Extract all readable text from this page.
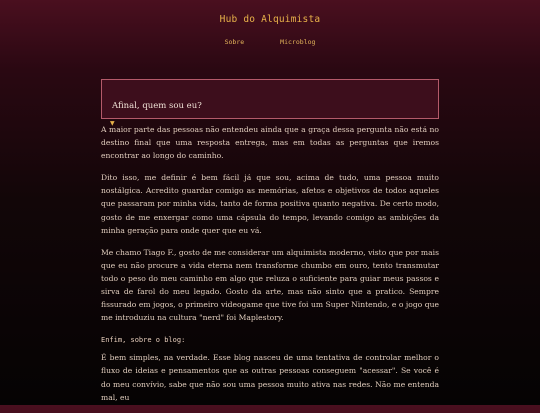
Hub do Alquimista
Sobre	Microblog
Afinal, quem sou eu?
▼

A maior parte das pessoas não entendeu ainda que a graça dessa pergunta não está no destino final que uma resposta entrega, mas em todas as perguntas que iremos encontrar ao longo do caminho.

Dito isso, me definir é bem fácil já que sou, acima de tudo, uma pessoa muito nostálgica. Acredito guardar comigo as memórias, afetos e objetivos de todos aqueles que passaram por minha vida, tanto de forma positiva quanto negativa. De certo modo, gosto de me enxergar como uma cápsula do tempo, levando comigo as ambições da minha geração para onde quer que eu vá.

Me chamo Tiago F., gosto de me considerar um alquimista moderno, visto que por mais que eu não procure a vida eterna nem transforme chumbo em ouro, tento transmutar todo o peso do meu caminho em algo que reluza o suficiente para guiar meus passos e sirva de farol do meu legado. Gosto da arte, mas não sinto que a pratico. Sempre fissurado em jogos, o primeiro videogame que tive foi um Super Nintendo, e o jogo que me introduziu na cultura "nerd" foi Maplestory.

Enfim, sobre o blog:

É bem simples, na verdade. Esse blog nasceu de uma tentativa de controlar melhor o fluxo de ideias e pensamentos que as outras pessoas conseguem "acessar". Se você é do meu convívio, sabe que não sou uma pessoa muito ativa nas redes. Não me entenda mal, eu
